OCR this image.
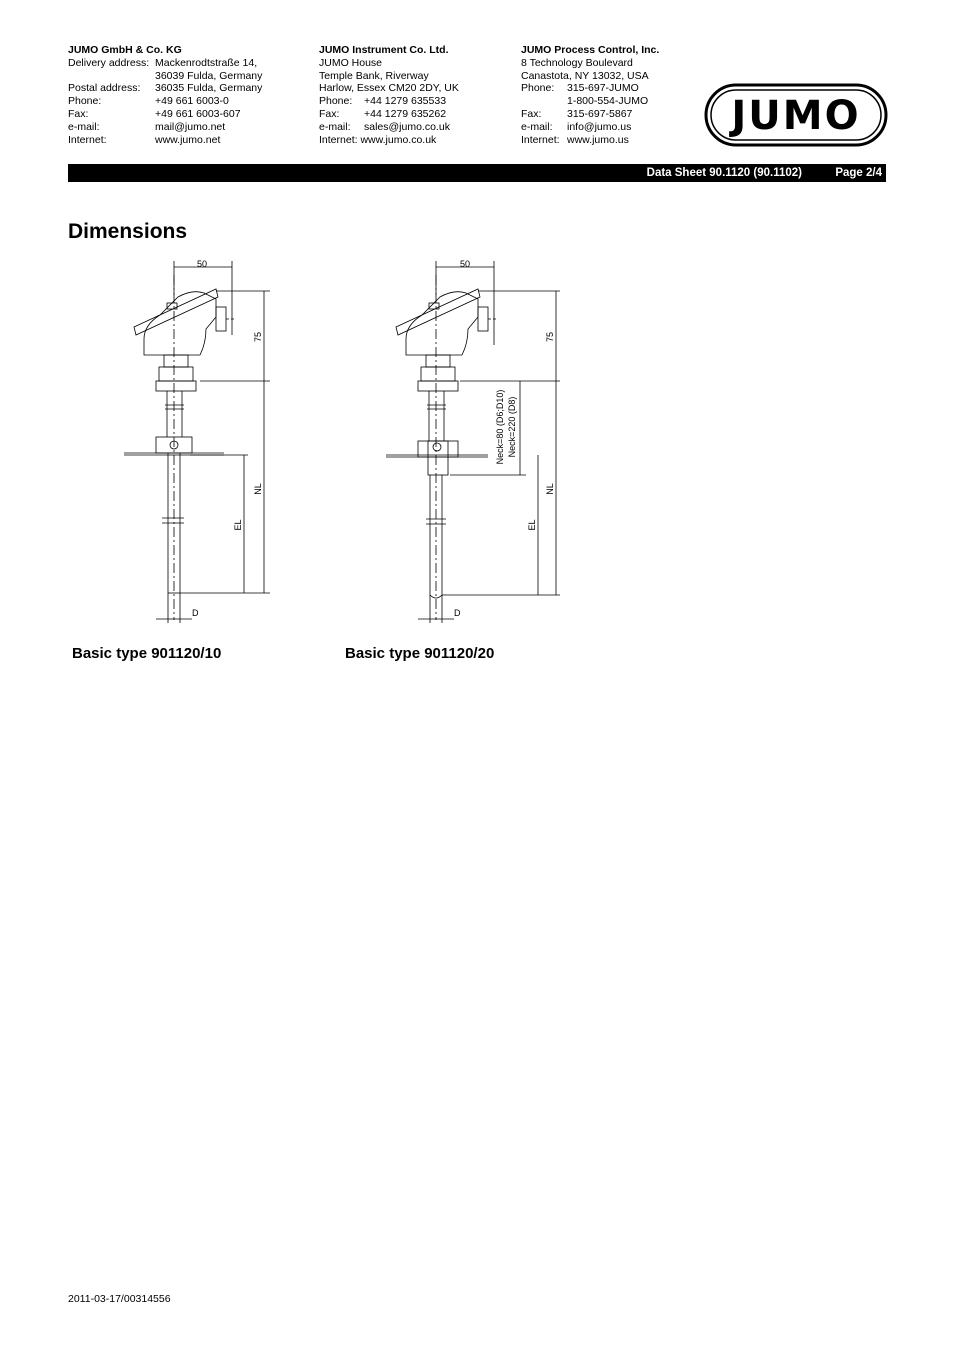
JUMO GmbH & Co. KG
Delivery address: Mackenrodtstraße 14,
36039 Fulda, Germany
Postal address:	36035 Fulda, Germany
Phone:	+49 661 6003-0
Fax:	+49 661 6003-607
e-mail:	mail@jumo.net
Internet:	www.jumo.net
JUMO Instrument Co. Ltd.
JUMO House
Temple Bank, Riverway
Harlow, Essex CM20 2DY, UK
Phone:	+44 1279 635533
Fax:	+44 1279 635262
e-mail:	sales@jumo.co.uk
Internet:
www.jumo.co.uk
JUMO Process Control, Inc.
8 Technology Boulevard
Canastota, NY 13032, USA
Phone:	315-697-JUMO
1-800-554-JUMO
Fax:	315-697-5867
e-mail:	info@jumo.us
Internet: www.jumo.us
JUMO
Data Sheet 90.1120 (90.1102)	Page 2/4
Dimensions
50
75
NL
EL
D
50
75
NL
EL
Neck=80 (D6;D10) Neck=220 (D8)
D
Basic type 901120/10	Basic type 901120/20
2011-03-17/00314556
